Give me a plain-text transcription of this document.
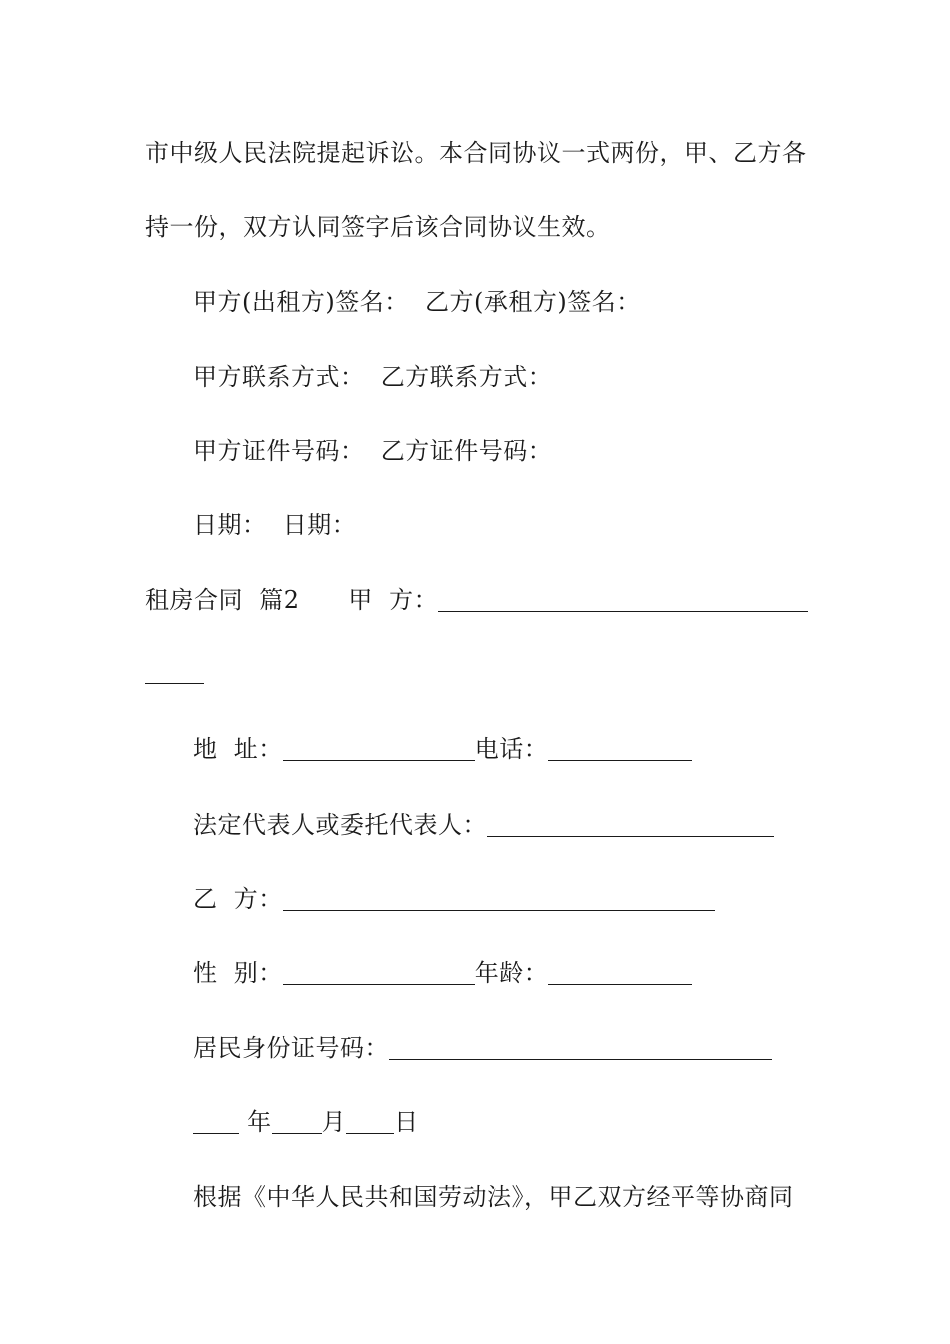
市中级人民法院提起诉讼。本合同协议一式两份，甲、乙方各
持一份，双方认同签字后该合同协议生效。
甲方(出租方)签名： 乙方(承租方)签名：
甲方联系方式： 乙方联系方式：
甲方证件号码： 乙方证件号码：
日期： 日期：
租房合同  篇2 甲  方：
地  址：	电话：
法定代表人或委托代表人：
乙  方：
性  别：	年龄：
居民身份证号码：
年 月 日
根据《中华人民共和国劳动法》，甲乙双方经平等协商同
